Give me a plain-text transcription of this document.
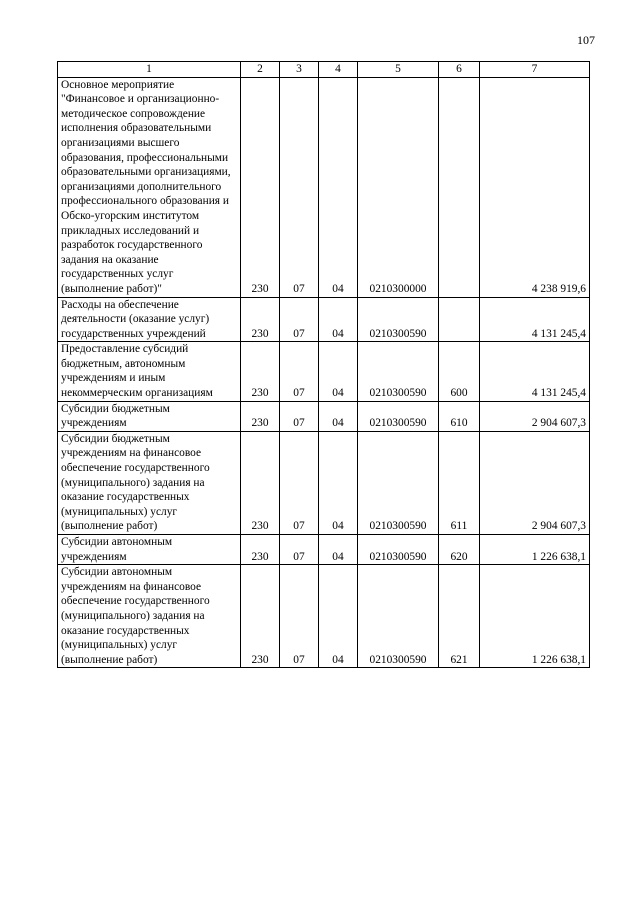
107
1	2	3	4	5	6	7
Основное мероприятие "Финансовое и организационно-методическое сопровождение исполнения образовательными организациями высшего образования, профессиональными образовательными организациями, организациями дополнительного профессионального образования и Обско-угорским институтом прикладных исследований и разработок государственного задания на оказание государственных услуг (выполнение работ)"	230	07	04	0210300000		4 238 919,6
Расходы на обеспечение деятельности (оказание услуг) государственных учреждений	230	07	04	0210300590		4 131 245,4
Предоставление субсидий бюджетным, автономным учреждениям и иным некоммерческим организациям	230	07	04	0210300590	600	4 131 245,4
Субсидии бюджетным учреждениям	230	07	04	0210300590	610	2 904 607,3
Субсидии бюджетным учреждениям на финансовое обеспечение государственного (муниципального) задания на оказание государственных (муниципальных) услуг (выполнение работ)	230	07	04	0210300590	611	2 904 607,3
Субсидии автономным учреждениям	230	07	04	0210300590	620	1 226 638,1
Субсидии автономным учреждениям на финансовое обеспечение государственного (муниципального) задания на оказание государственных (муниципальных) услуг (выполнение работ)	230	07	04	0210300590	621	1 226 638,1
